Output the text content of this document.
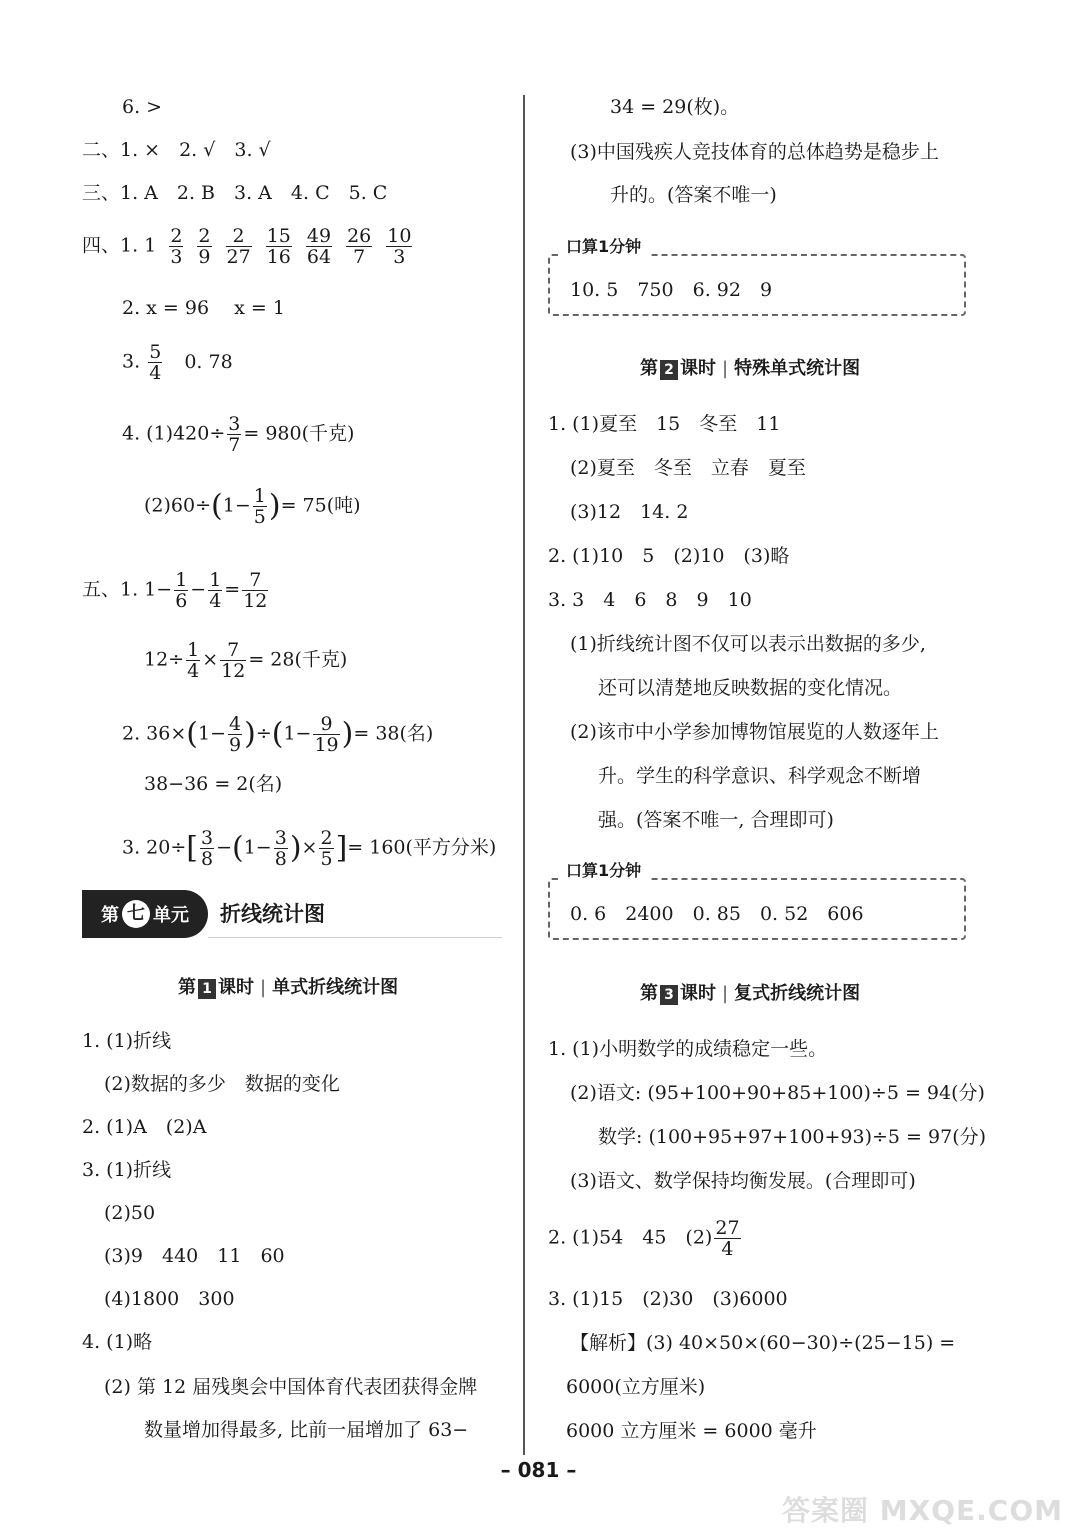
6. >
二、1. ×　2. √　3. √
三、1. A　2. B　3. A　4. C　5. C
四、1. $1 \frac{2}{3} \frac{2}{9} \frac{2}{27} \frac{15}{16} \frac{49}{64} \frac{26}{7} \frac{10}{3}$
2. x = 96　 x = 1
3. $\frac{5}{4} 0$. 78
4. $(1)420\div \frac{3}{7} = 980$(千克)
$(2)60\div(1- \frac{1}{5}$ )= 75(吨)
五、1. $1- \frac{1}{6} - \frac{1}{4} = \frac{7}{12}$
$12\div \frac{1}{4} \times \frac{7}{12} = 28$(千克)
2. $36\times(1- \frac{4}{9} )\div(1- \frac{9}{19}$ )= 38(名)
38−36 = 2(名)
3. $20\div[ \frac{3}{8} -(1- \frac{3}{8}$ )× $\frac{2}{5}$ ]= 160(平方分米)
第 七 单元 折线统计图
第 1 课时 | 单式折线统计图
1. (1)折线
(2)数据的多少　数据的变化
2. (1)A　(2)A
3. (1)折线
(2)50
(3)9　440　11　60
(4)1800　300
4. (1)略
(2) 第 12 届残奥会中国体育代表团获得金牌
数量增加得最多, 比前一届增加了 63−
34 = 29(枚)。
(3)中国残疾人竞技体育的总体趋势是稳步上
升的。(答案不唯一)
口算1分钟
10. 5　750　6. 92　9
第 2 课时 | 特殊单式统计图
1. (1)夏至　15　冬至　11
(2)夏至　冬至　立春　夏至
(3)12　14. 2
2. (1)10　5　(2)10　(3)略
3. 3　4　6　8　9　10
(1)折线统计图不仅可以表示出数据的多少,
还可以清楚地反映数据的变化情况。
(2)该市中小学参加博物馆展览的人数逐年上
升。学生的科学意识、科学观念不断增
强。(答案不唯一, 合理即可)
口算1分钟
0. 6　2400　0. 85　0. 52　606
第 3 课时 | 复式折线统计图
1. (1)小明数学的成绩稳定一些。
(2)语文: (95+100+90+85+100)÷5 = 94(分)
数学: (100+95+97+100+93)÷5 = 97(分)
(3)语文、数学保持均衡发展。(合理即可)
2. (1)54　45　$(2) \frac{27}{4}$
3. (1)15　(2)30　(3)6000
【解析】(3) 40×50×(60−30)÷(25−15) =
6000(立方厘米)
6000 立方厘米 = 6000 毫升
– 081 –
答案圈 MXQE.COM
